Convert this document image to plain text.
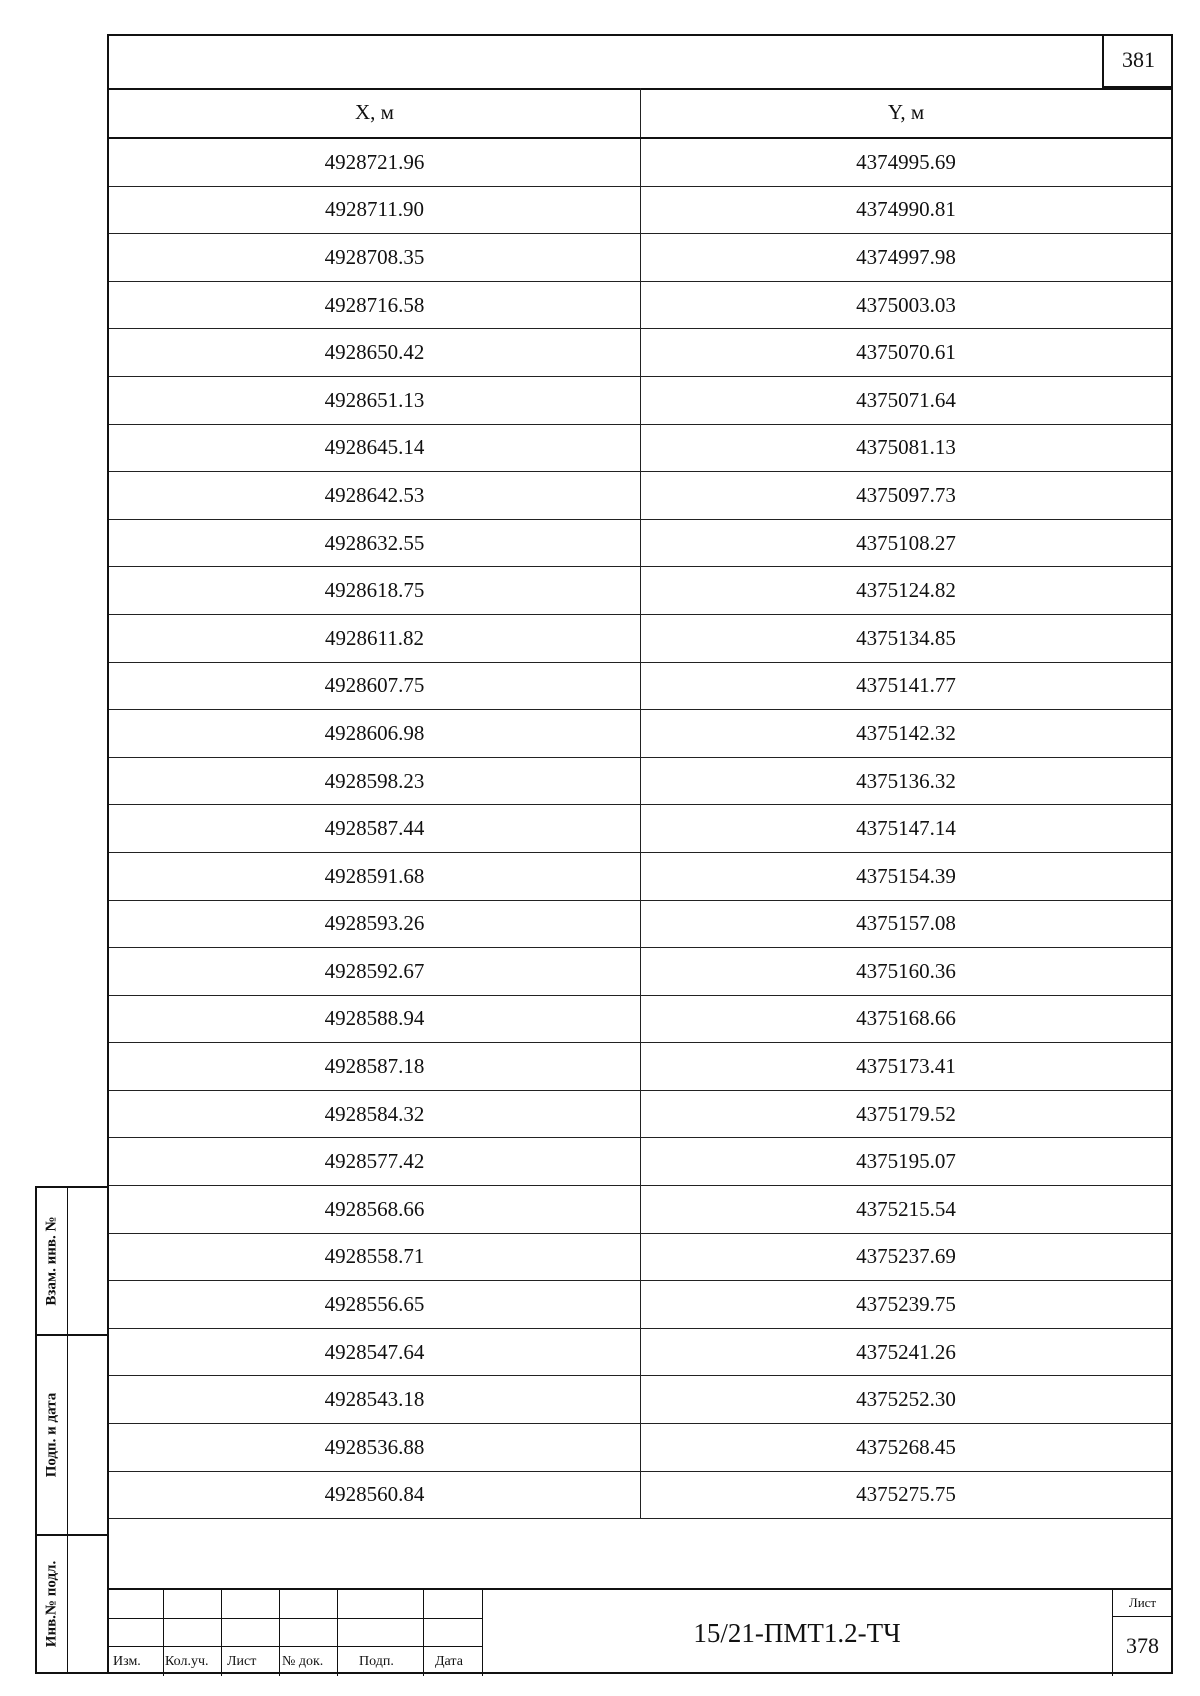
381
X, м	Y, м
4928721.96	4374995.69
4928711.90	4374990.81
4928708.35	4374997.98
4928716.58	4375003.03
4928650.42	4375070.61
4928651.13	4375071.64
4928645.14	4375081.13
4928642.53	4375097.73
4928632.55	4375108.27
4928618.75	4375124.82
4928611.82	4375134.85
4928607.75	4375141.77
4928606.98	4375142.32
4928598.23	4375136.32
4928587.44	4375147.14
4928591.68	4375154.39
4928593.26	4375157.08
4928592.67	4375160.36
4928588.94	4375168.66
4928587.18	4375173.41
4928584.32	4375179.52
4928577.42	4375195.07
4928568.66	4375215.54
4928558.71	4375237.69
4928556.65	4375239.75
4928547.64	4375241.26
4928543.18	4375252.30
4928536.88	4375268.45
4928560.84	4375275.75
Взам. инв. №
Подп. и дата
Инв.№ подл.
Изм. Кол.уч. Лист № док.	Подп.	Дата
15/21-ПМТ1.2-ТЧ
Лист
378
